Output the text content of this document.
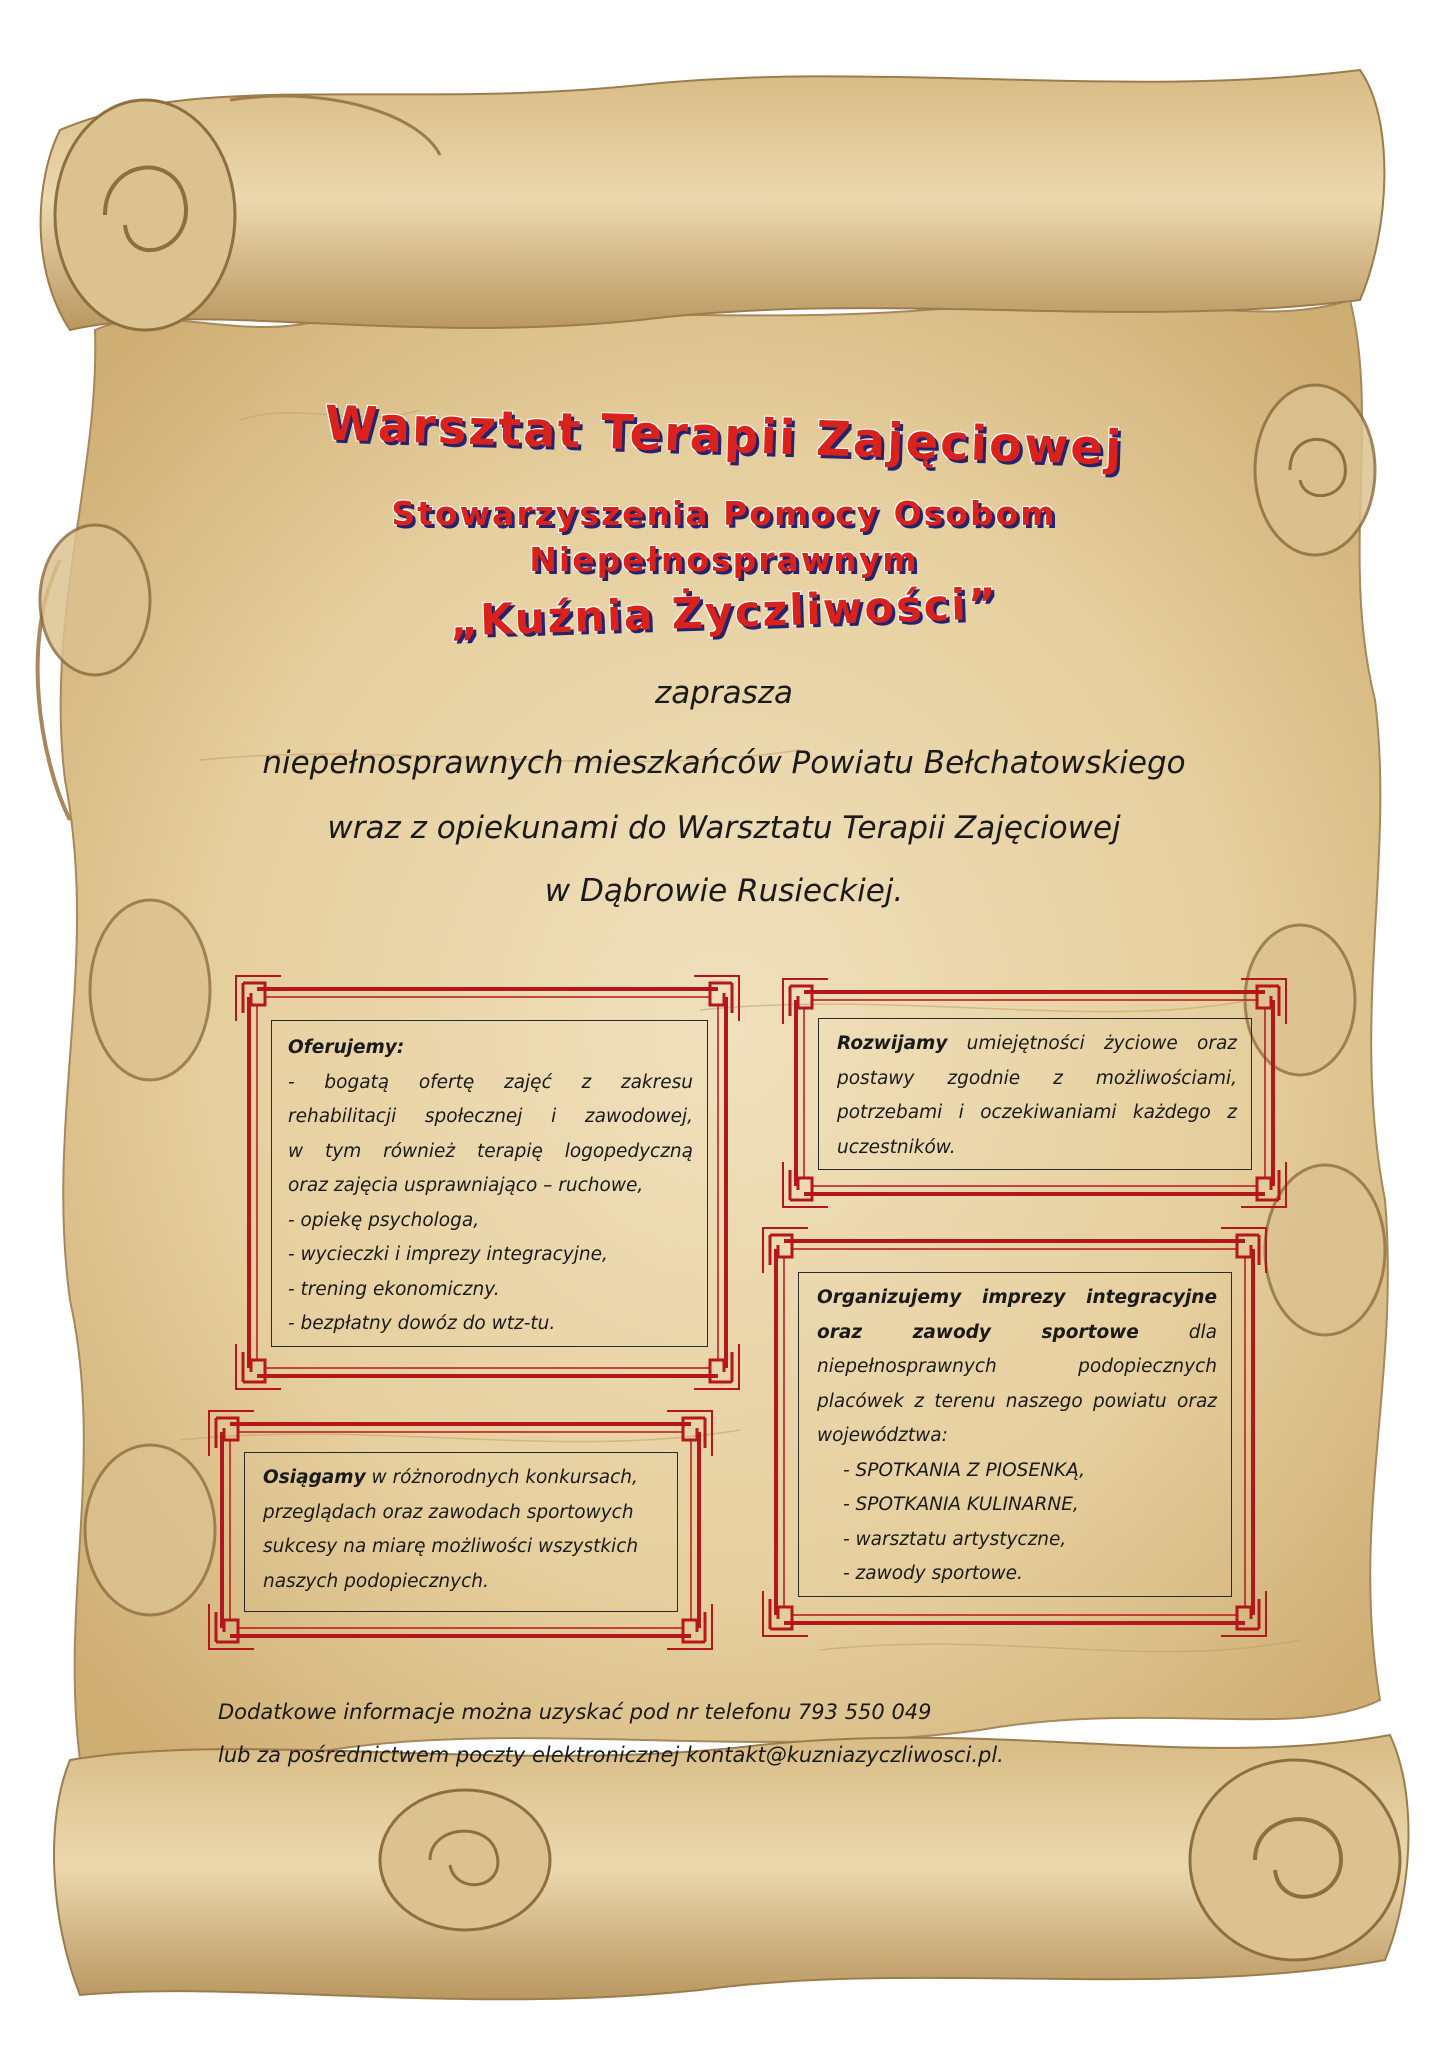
Warsztat Terapii Zajęciowej
Stowarzyszenia Pomocy Osobom
Niepełnosprawnym
„Kuźnia Życzliwości”
zaprasza
niepełnosprawnych mieszkańców Powiatu Bełchatowskiego
wraz z opiekunami do Warsztatu Terapii Zajęciowej
w Dąbrowie Rusieckiej.

Oferujemy:

- bogatą ofertę zajęć z zakresu

rehabilitacji społecznej i zawodowej,

w tym również terapię logopedyczną

oraz zajęcia usprawniająco – ruchowe,

- opiekę psychologa,

- wycieczki i imprezy integracyjne,

- trening ekonomiczny.

- bezpłatny dowóz do wtz-tu.

Rozwijamy umiejętności życiowe oraz postawy zgodnie z możliwościami, potrzebami i oczekiwaniami każdego z uczestników.

Organizujemy imprezy integracyjne oraz zawody sportowe dla niepełnosprawnych podopiecznych placówek z terenu naszego powiatu oraz województwa:

- SPOTKANIA Z PIOSENKĄ,

- SPOTKANIA KULINARNE,

- warsztatu artystyczne,

- zawody sportowe.

Osiągamy w różnorodnych konkursach, przeglądach oraz zawodach sportowych sukcesy na miarę możliwości wszystkich naszych podopiecznych.

Dodatkowe informacje można uzyskać pod nr telefonu 793 550 049
lub za pośrednictwem poczty elektronicznej kontakt@kuzniazyczliwosci.pl.
